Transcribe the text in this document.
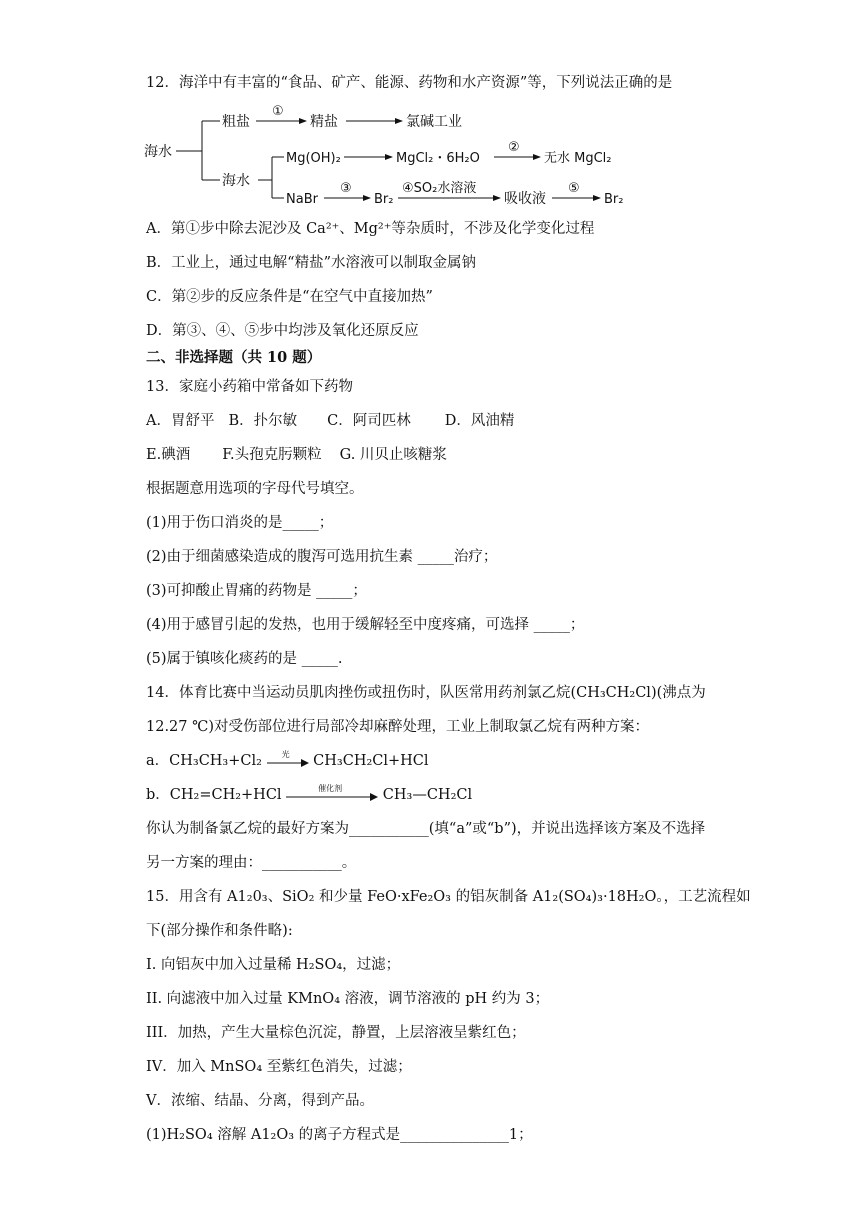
12．海洋中有丰富的“食品、矿产、能源、药物和水产资源”等，下列说法正确的是
海水
粗盐
①
精盐	氯碱工业
海水
Mg(OH)₂	MgCl₂・6H₂O
②
无水 MgCl₂
NaBr
③
Br₂
④SO₂水溶液
吸收液
⑤
Br₂
A．第①步中除去泥沙及 Ca²⁺、Mg²⁺等杂质时，不涉及化学变化过程
B．工业上，通过电解“精盐”水溶液可以制取金属钠
C．第②步的反应条件是“在空气中直接加热”
D．第③、④、⑤步中均涉及氧化还原反应
二、非选择题（共 10 题）
13．家庭小药箱中常备如下药物
A．胃舒平 B．扑尔敏 C．阿司匹林 D．风油精
E.碘酒 F.头孢克肟颗粒 G. 川贝止咳糖浆
根据题意用选项的字母代号填空。
(1)用于伤口消炎的是_____；
(2)由于细菌感染造成的腹泻可选用抗生素 _____治疗；
(3)可抑酸止胃痛的药物是 _____；
(4)用于感冒引起的发热，也用于缓解轻至中度疼痛，可选择 _____；
(5)属于镇咳化痰药的是 _____.
14．体育比赛中当运动员肌肉挫伤或扭伤时，队医常用药剂氯乙烷(CH₃CH₂Cl)(沸点为
12.27 ℃)对受伤部位进行局部冷却麻醉处理，工业上制取氯乙烷有两种方案：
a．CH₃CH₃+Cl₂ 光 CH₃CH₂Cl+HCl
b．CH₂=CH₂+HCl	催化剂	CH₃—CH₂Cl
你认为制备氯乙烷的最好方案为___________(填“a”或“b”)，并说出选择该方案及不选择
另一方案的理由：___________。
15．用含有 A1₂0₃、SiO₂ 和少量 FeO·xFe₂O₃ 的铝灰制备 A1₂(SO₄)₃·18H₂O。，工艺流程如
下(部分操作和条件略):
I. 向铝灰中加入过量稀 H₂SO₄，过滤；
II. 向滤液中加入过量 KMnO₄ 溶液，调节溶液的 pH 约为 3；
III．加热，产生大量棕色沉淀，静置，上层溶液呈紫红色；
IV．加入 MnSO₄ 至紫红色消失，过滤；
V．浓缩、结晶、分离，得到产品。
(1)H₂SO₄ 溶解 A1₂O₃ 的离子方程式是_______________1；
